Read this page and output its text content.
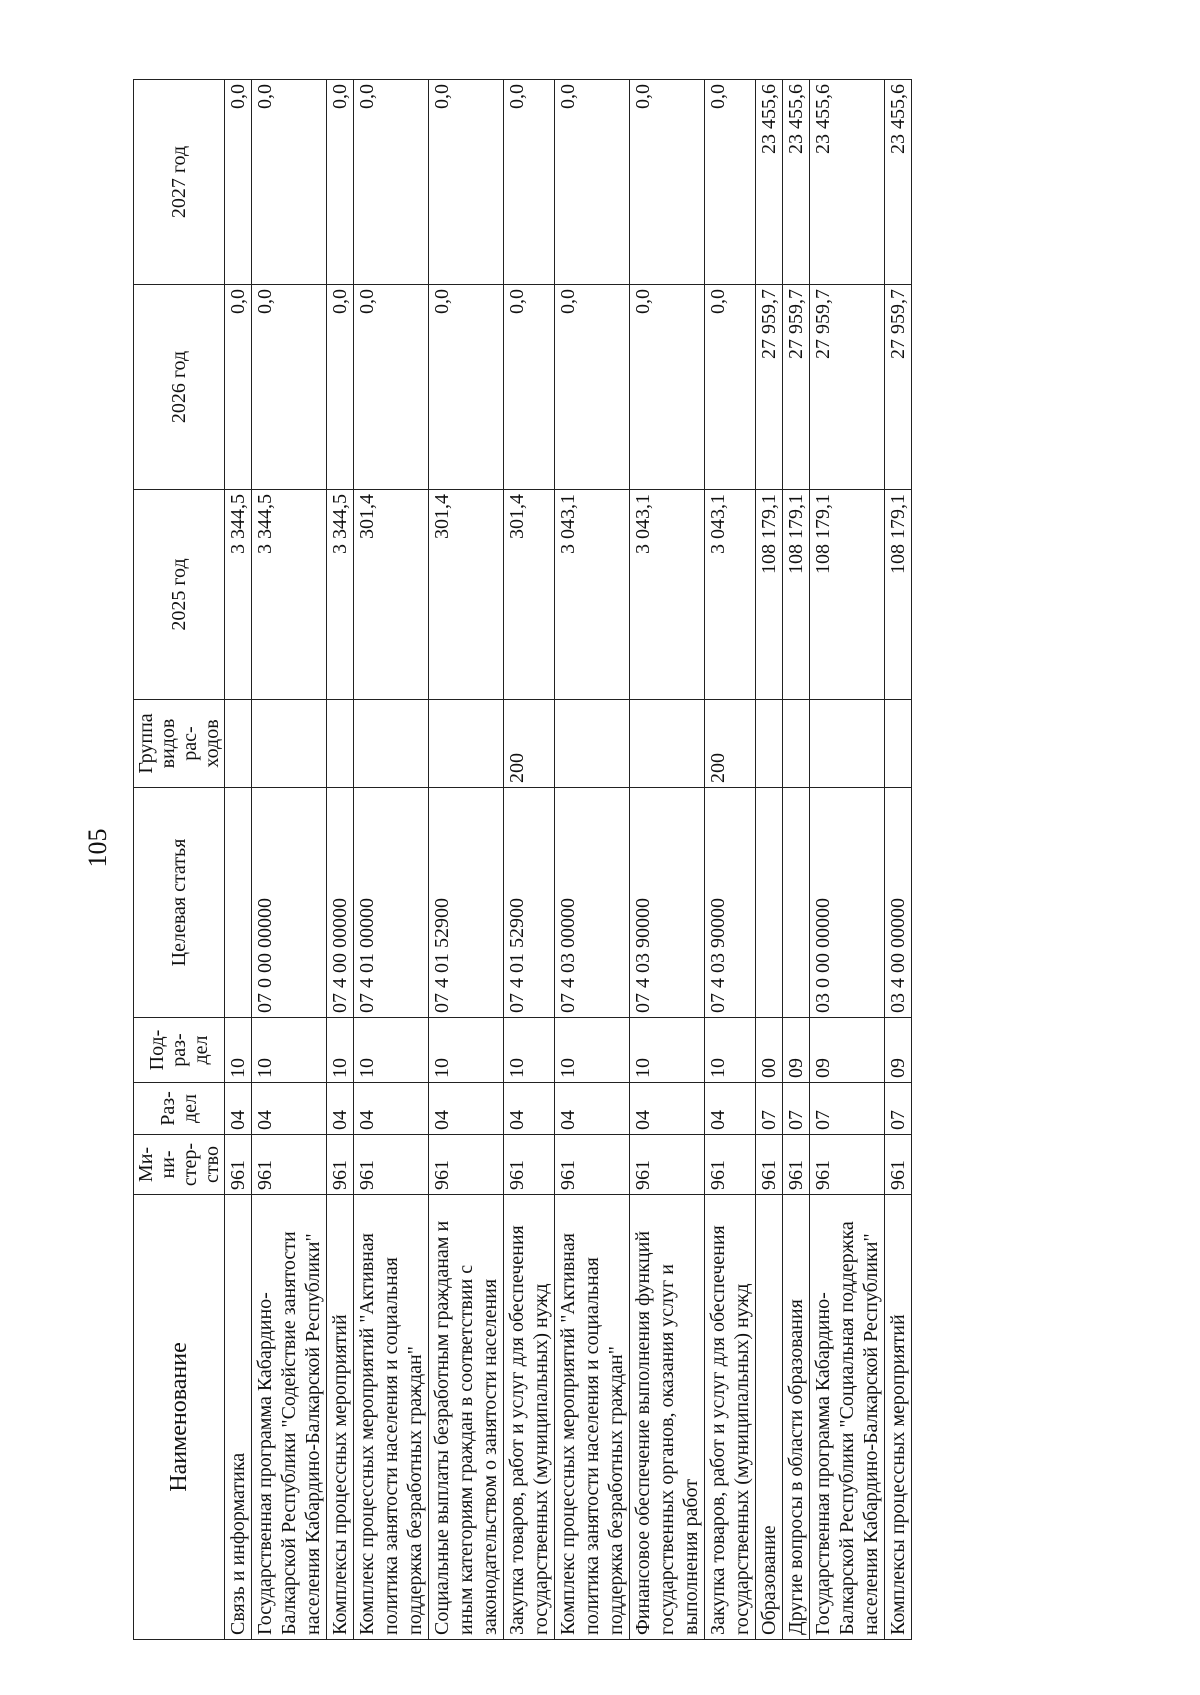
105
Наименование	Ми-ни-стер-ство	Раз-дел	Под-раз-дел	Целевая статья	Группа видов рас-ходов	2025 год	2026 год	2027 год
Связь и информатика	961	04	10			3 344,5	0,0	0,0
Государственная программа Кабардино-Балкарской Республики "Содействие занятости населения Кабардино-Балкарской Республики"	961	04	10	07 0 00 00000		3 344,5	0,0	0,0
Комплексы процессных мероприятий	961	04	10	07 4 00 00000		3 344,5	0,0	0,0
Комплекс процессных мероприятий "Активная политика занятости населения и социальная поддержка безработных граждан"	961	04	10	07 4 01 00000		301,4	0,0	0,0
Социальные выплаты безработным гражданам и иным категориям граждан в соответствии с законодательством о занятости населения	961	04	10	07 4 01 52900		301,4	0,0	0,0
Закупка товаров, работ и услуг для обеспечения государственных (муниципальных) нужд	961	04	10	07 4 01 52900	200	301,4	0,0	0,0
Комплекс процессных мероприятий "Активная политика занятости населения и социальная поддержка безработных граждан"	961	04	10	07 4 03 00000		3 043,1	0,0	0,0
Финансовое обеспечение выполнения функций государственных органов, оказания услуг и выполнения работ	961	04	10	07 4 03 90000		3 043,1	0,0	0,0
Закупка товаров, работ и услуг для обеспечения государственных (муниципальных) нужд	961	04	10	07 4 03 90000	200	3 043,1	0,0	0,0
Образование	961	07	00			108 179,1	27 959,7	23 455,6
Другие вопросы в области образования	961	07	09			108 179,1	27 959,7	23 455,6
Государственная программа Кабардино-Балкарской Республики "Социальная поддержка населения Кабардино-Балкарской Республики"	961	07	09	03 0 00 00000		108 179,1	27 959,7	23 455,6
Комплексы процессных мероприятий	961	07	09	03 4 00 00000		108 179,1	27 959,7	23 455,6
